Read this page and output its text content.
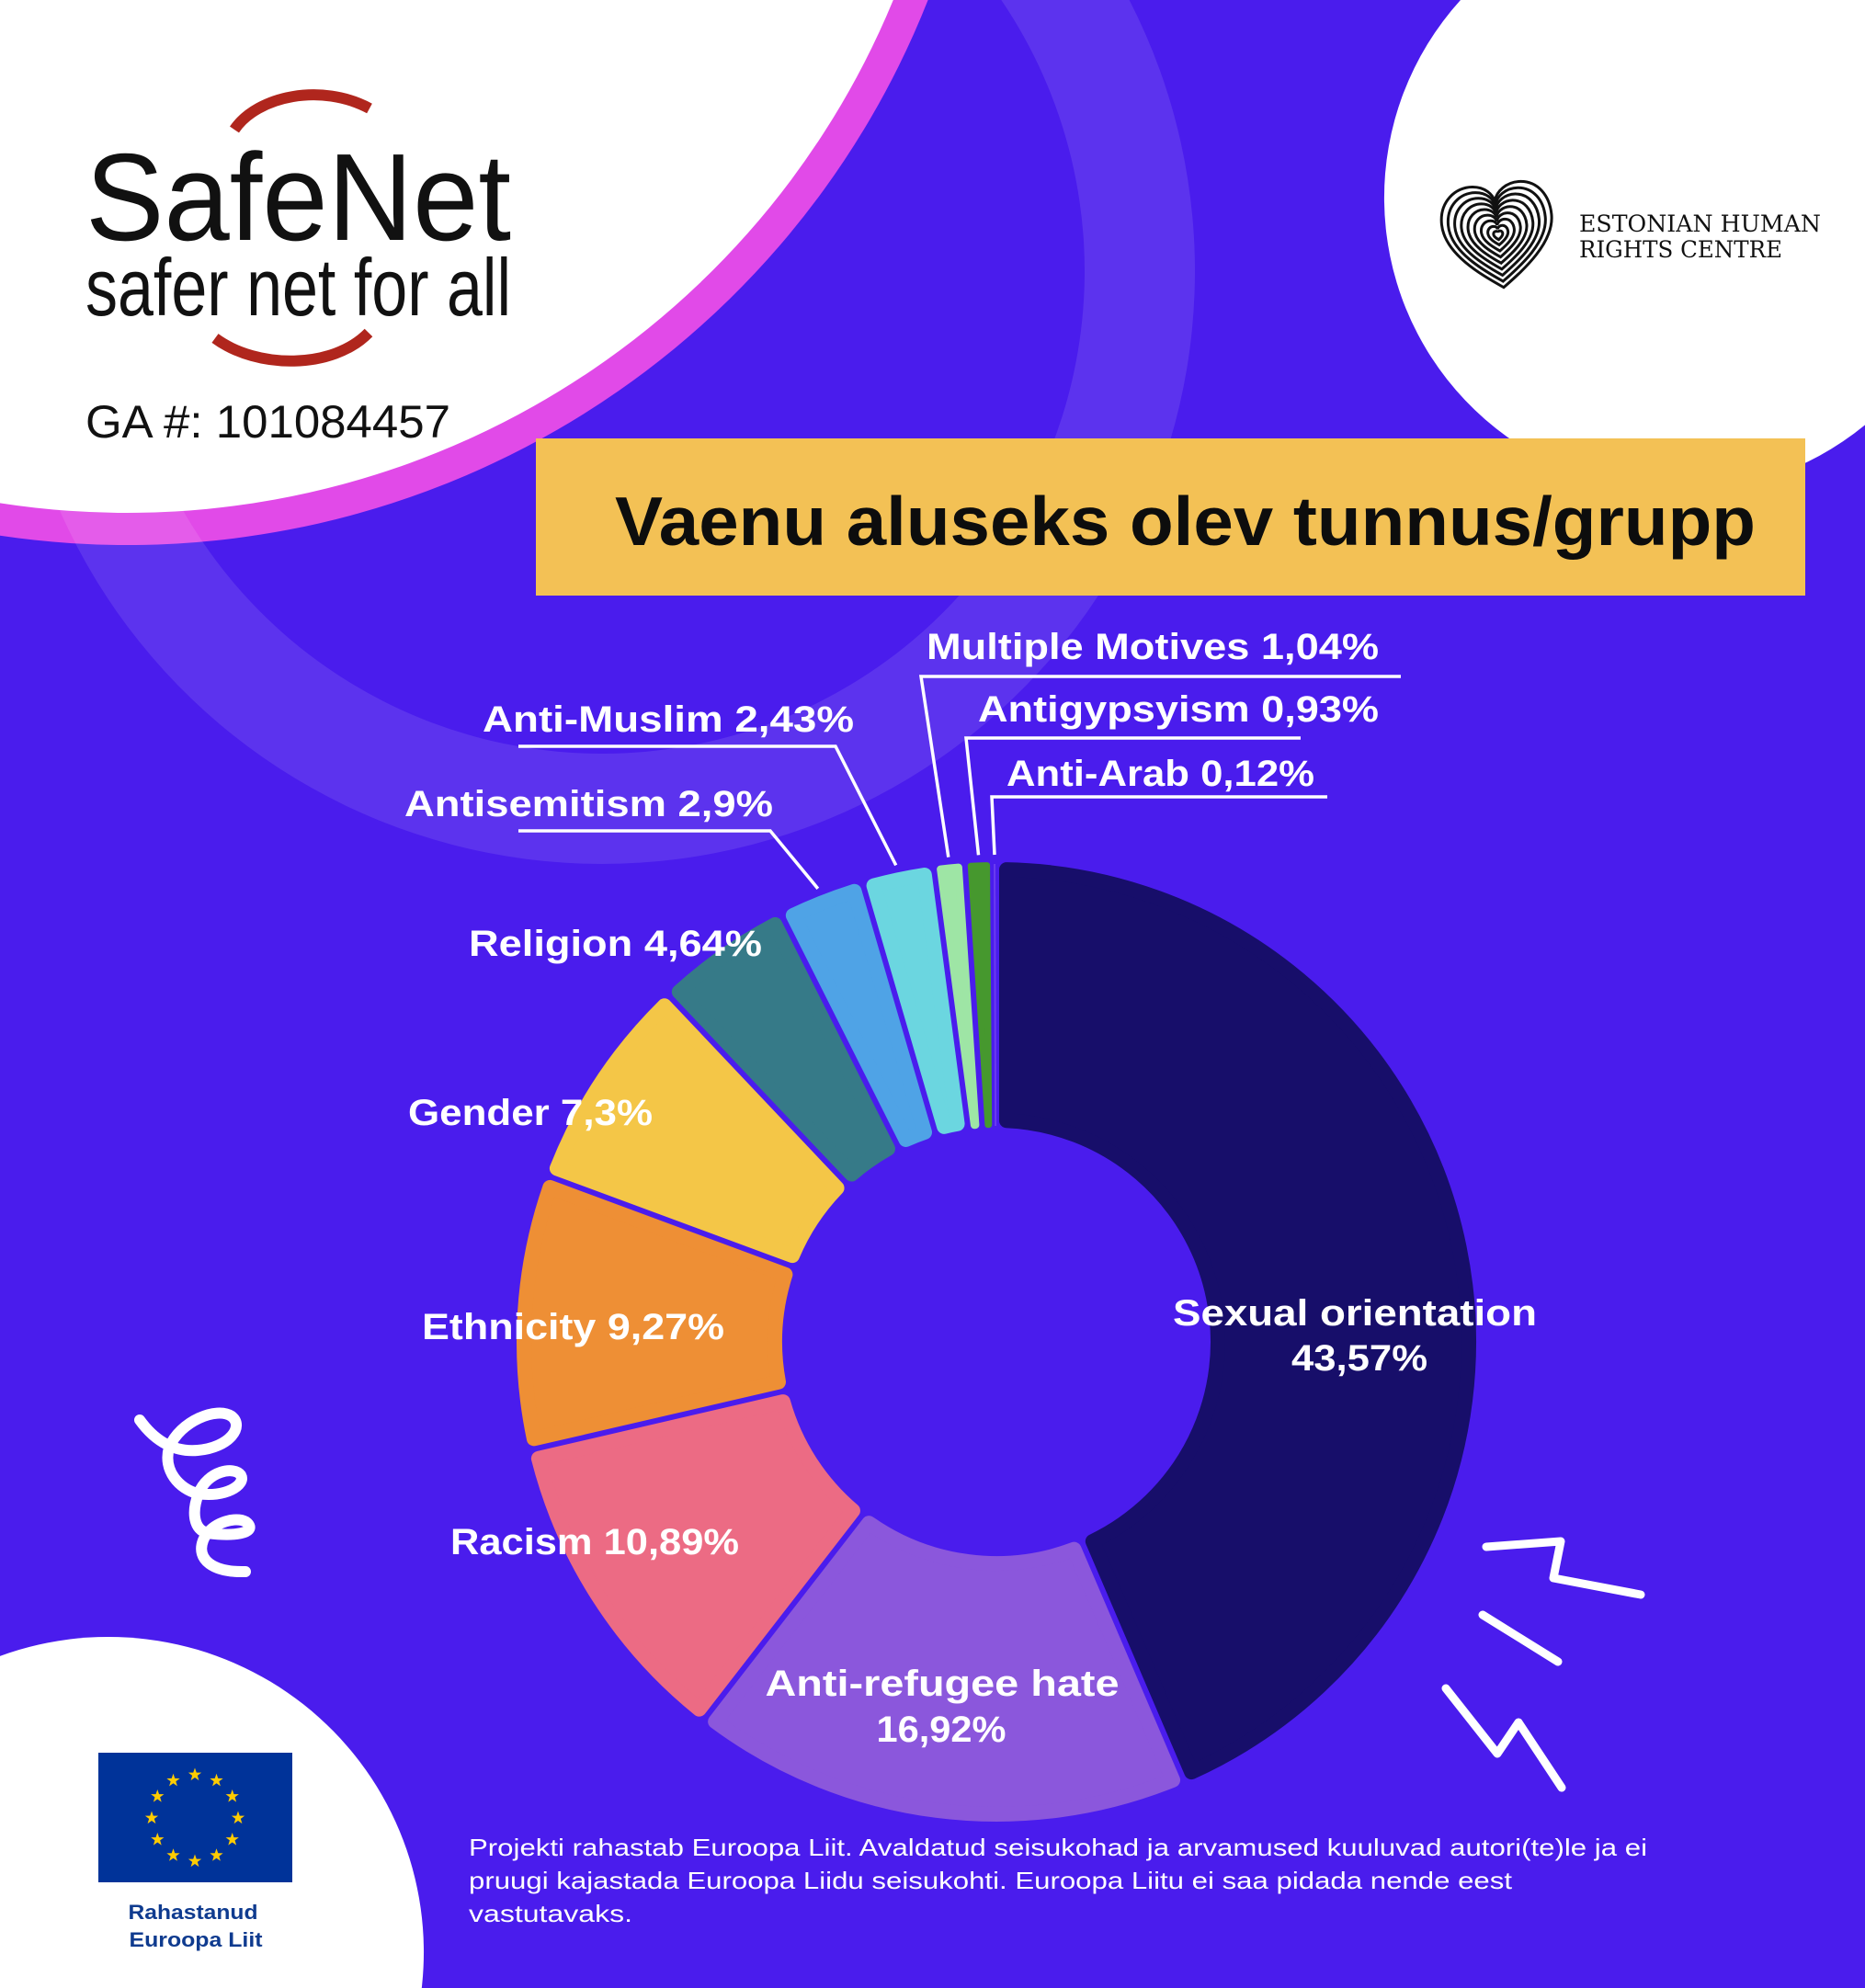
SafeNet
safer net for all
GA #: 101084457
ESTONIAN HUMAN
RIGHTS CENTRE
Vaenu aluseks olev tunnus/grupp
Sexual orientation
43,57%
Anti-refugee hate
16,92%
Racism 10,89%
Ethnicity 9,27%
Gender 7,3%
Religion 4,64%
Antisemitism 2,9%
Anti-Muslim 2,43%
Multiple Motives 1,04%
Antigypsyism 0,93%
Anti-Arab 0,12%
Rahastanud
Euroopa Liit
Projekti rahastab Euroopa Liit. Avaldatud seisukohad ja arvamused kuuluvad autori(te)le ja ei
pruugi kajastada Euroopa Liidu seisukohti. Euroopa Liitu ei saa pidada nende eest
vastutavaks.
